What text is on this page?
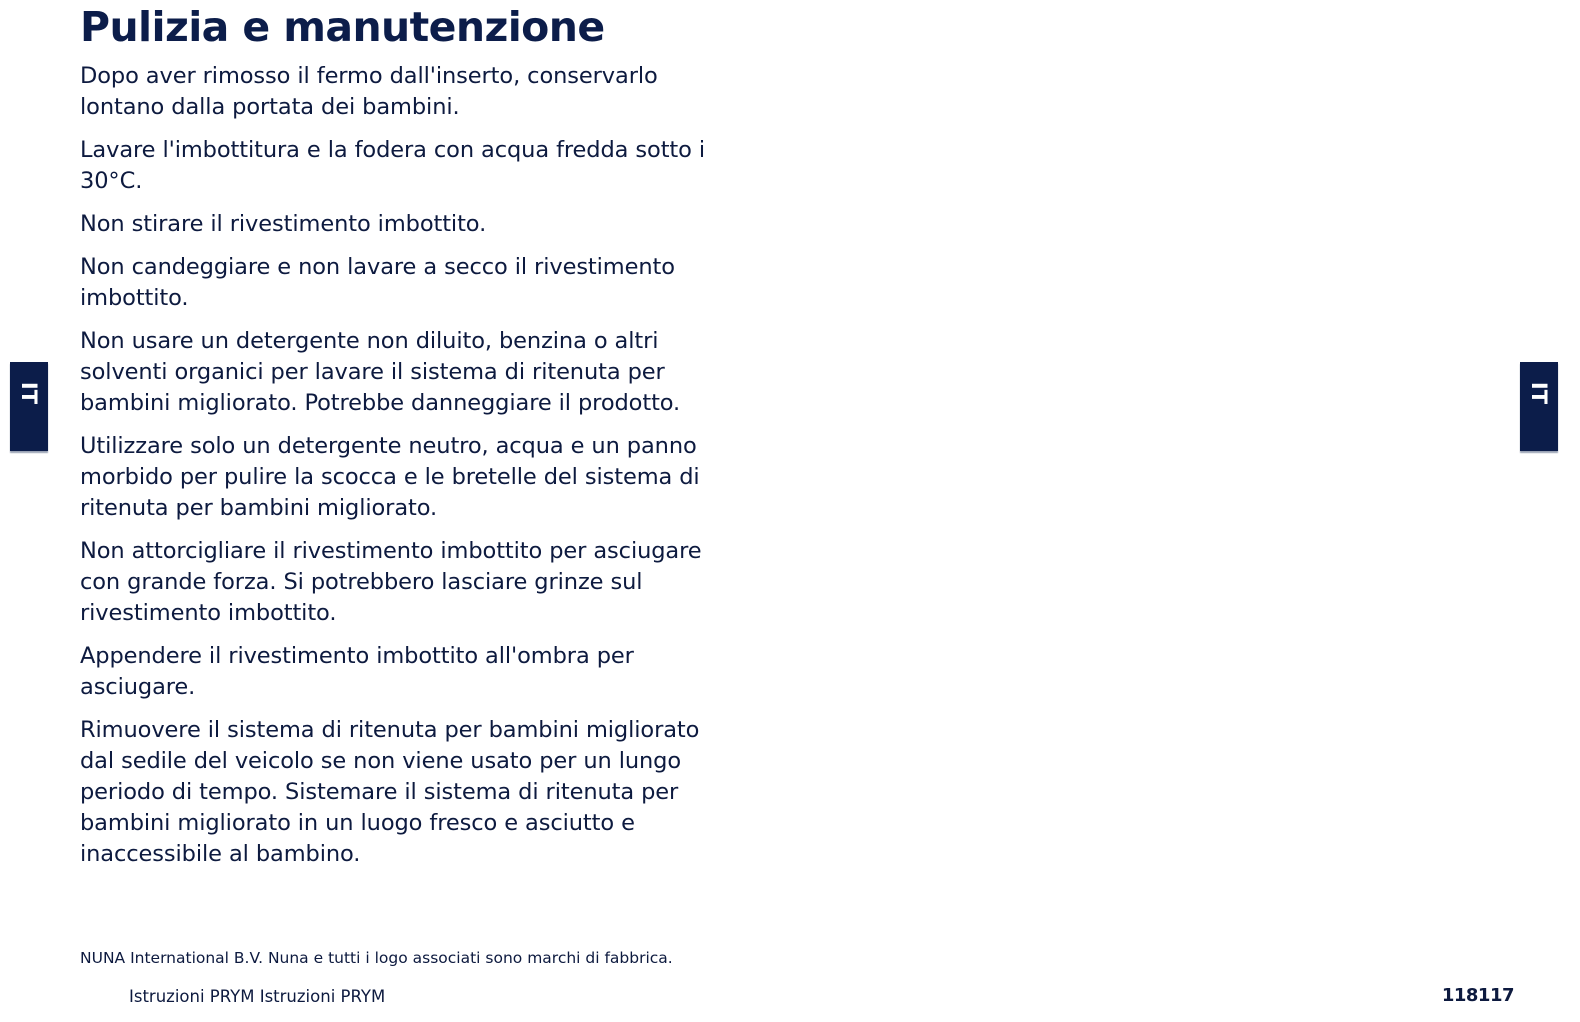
Pulizia e manutenzione

Dopo aver rimosso il fermo dall'inserto, conservarlo lontano dalla portata dei bambini.

Lavare l'imbottitura e la fodera con acqua fredda sotto i 30°C.

Non stirare il rivestimento imbottito.

Non candeggiare e non lavare a secco il rivestimento imbottito.

Non usare un detergente non diluito, benzina o altri solventi organici per lavare il sistema di ritenuta per bambini migliorato. Potrebbe danneggiare il prodotto.

Utilizzare solo un detergente neutro, acqua e un panno morbido per pulire la scocca e le bretelle del sistema di ritenuta per bambini migliorato.

Non attorcigliare il rivestimento imbottito per asciugare con grande forza. Si potrebbero lasciare grinze sul rivestimento imbottito.

Appendere il rivestimento imbottito all'ombra per asciugare.

Rimuovere il sistema di ritenuta per bambini migliorato dal sedile del veicolo se non viene usato per un lungo periodo di tempo. Sistemare il sistema di ritenuta per bambini migliorato in un luogo fresco e asciutto e inaccessibile al bambino.

IT	IT
NUNA International B.V. Nuna e tutti i logo associati sono marchi di fabbrica.
Istruzioni PRYM Istruzioni PRYM	118117
